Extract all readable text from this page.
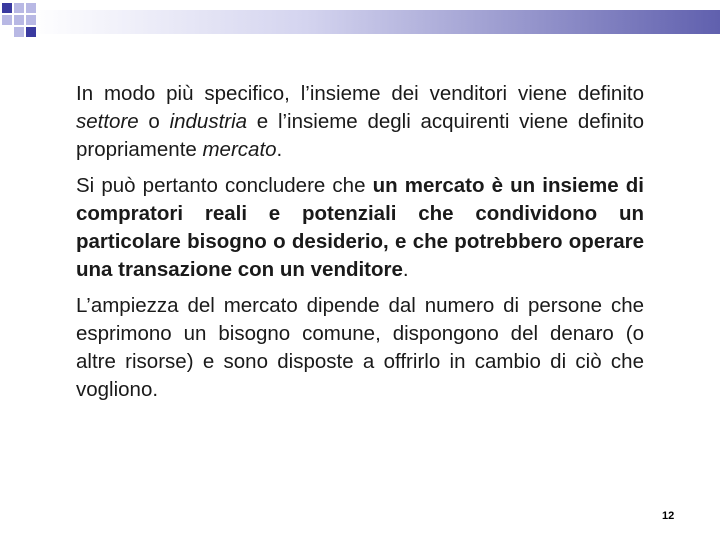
In modo più specifico, l’insieme dei venditori viene definito settore o industria e l’insieme degli acquirenti viene definito propriamente mercato.

Si può pertanto concludere che un mercato è un insieme di compratori reali e potenziali che condividono un particolare bisogno o desiderio, e che potrebbero operare una transazione con un venditore.

L’ampiezza del mercato dipende dal numero di persone che esprimono un bisogno comune, dispongono del denaro (o altre risorse) e sono disposte a offrirlo in cambio di ciò che vogliono.

12
